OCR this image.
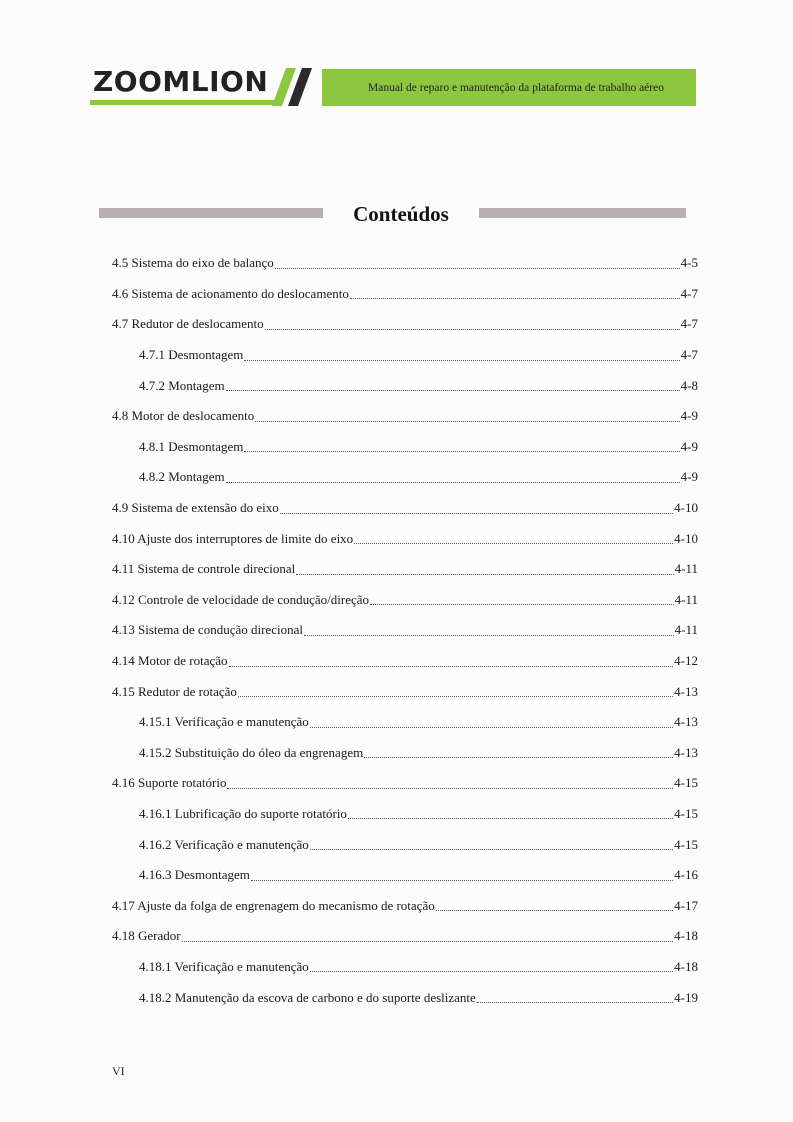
ZOOMLION	Manual de reparo e manutenção da plataforma de trabalho aéreo
Conteúdos
4.5 Sistema do eixo de balanço	4-5
4.6 Sistema de acionamento do deslocamento	4-7
4.7 Redutor de deslocamento	4-7
4.7.1 Desmontagem	4-7
4.7.2 Montagem	4-8
4.8 Motor de deslocamento	4-9
4.8.1 Desmontagem	4-9
4.8.2 Montagem	4-9
4.9 Sistema de extensão do eixo	4-10
4.10 Ajuste dos interruptores de limite do eixo	4-10
4.11 Sistema de controle direcional	4-11
4.12 Controle de velocidade de condução/direção	4-11
4.13 Sistema de condução direcional	4-11
4.14 Motor de rotação	4-12
4.15 Redutor de rotação	4-13
4.15.1 Verificação e manutenção	4-13
4.15.2 Substituição do óleo da engrenagem	4-13
4.16 Suporte rotatório	4-15
4.16.1 Lubrificação do suporte rotatório	4-15
4.16.2 Verificação e manutenção	4-15
4.16.3 Desmontagem	4-16
4.17 Ajuste da folga de engrenagem do mecanismo de rotação	4-17
4.18 Gerador	4-18
4.18.1 Verificação e manutenção	4-18
4.18.2 Manutenção da escova de carbono e do suporte deslizante	4-19
VI
